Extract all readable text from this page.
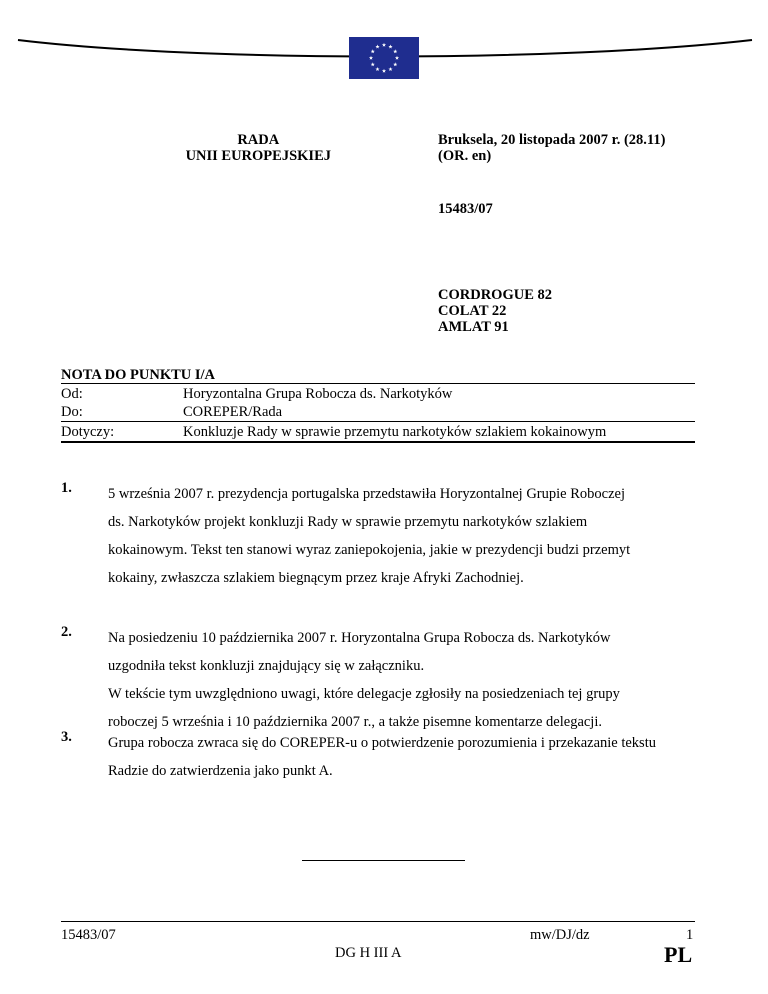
RADA
UNII EUROPEJSKIEJ
Bruksela, 20 listopada 2007 r. (28.11)
(OR. en)
15483/07
CORDROGUE 82
COLAT 22
AMLAT 91
NOTA DO PUNKTU I/A
Od:	Horyzontalna Grupa Robocza ds. Narkotyków
Do:	COREPER/Rada
Dotyczy:	Konkluzje Rady w sprawie przemytu narkotyków szlakiem kokainowym
1. 5 września 2007 r. prezydencja portugalska przedstawiła Horyzontalnej Grupie Roboczej
ds. Narkotyków projekt konkluzji Rady w sprawie przemytu narkotyków szlakiem
kokainowym. Tekst ten stanowi wyraz zaniepokojenia, jakie w prezydencji budzi przemyt
kokainy, zwłaszcza szlakiem biegnącym przez kraje Afryki Zachodniej.
2. Na posiedzeniu 10 października 2007 r. Horyzontalna Grupa Robocza ds. Narkotyków
uzgodniła tekst konkluzji znajdujący się w załączniku.
W tekście tym uwzględniono uwagi, które delegacje zgłosiły na posiedzeniach tej grupy
roboczej 5 września i 10 października 2007 r., a także pisemne komentarze delegacji.
3. Grupa robocza zwraca się do COREPER-u o potwierdzenie porozumienia i przekazanie tekstu
Radzie do zatwierdzenia jako punkt A.
15483/07
DG H III A
mw/DJ/dz	1
PL
